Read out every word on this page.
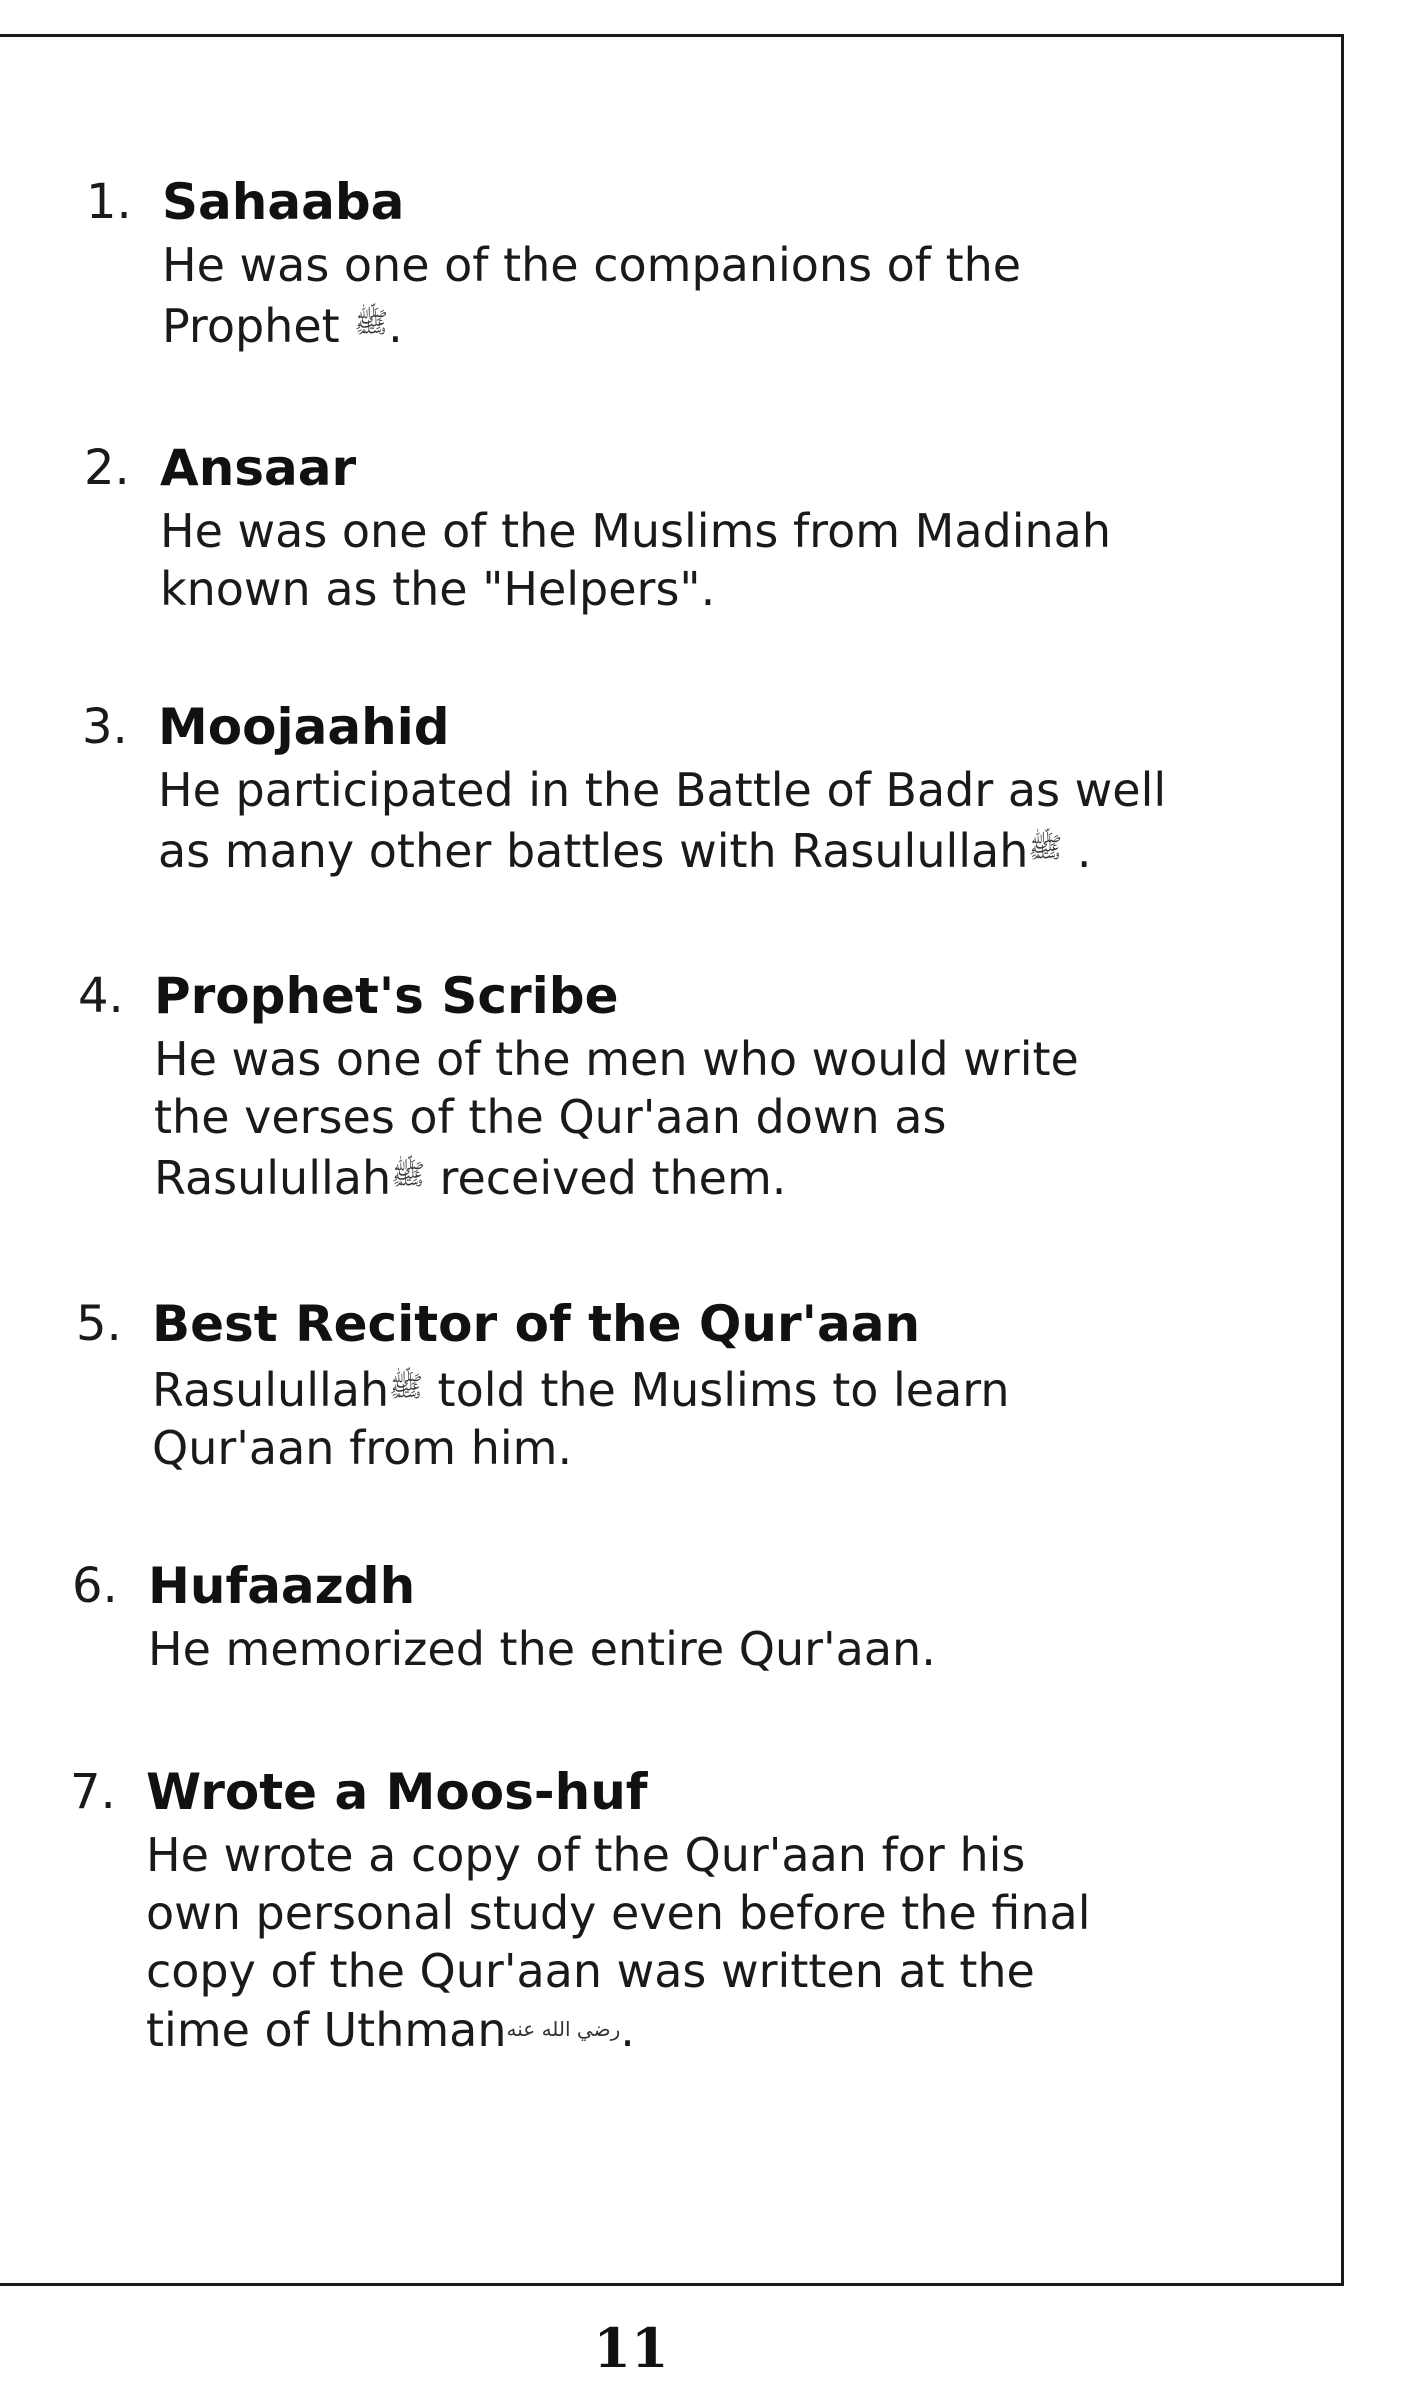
1. Sahaaba
He was one of the companions of the
Prophet $^ﷺ$.
2. Ansaar
He was one of the Muslims from Madinah
known as the "Helpers".
3. Moojaahid
He participated in the Battle of Badr as well
as many other battles with Rasulullah$^ﷺ$ .
4. Prophet's Scribe
He was one of the men who would write
the verses of the Qur'aan down as
Rasulullah$^ﷺ$ received them.
5. Best Recitor of the Qur'aan
Rasulullah$^ﷺ$ told the Muslims to learn
Qur'aan from him.
6. Hufaazdh
He memorized the entire Qur'aan.
7. Wrote a Moos-huf
He wrote a copy of the Qur'aan for his
own personal study even before the final
copy of the Qur'aan was written at the
time of Uthman$^{رضي الله عنه}$.
11
